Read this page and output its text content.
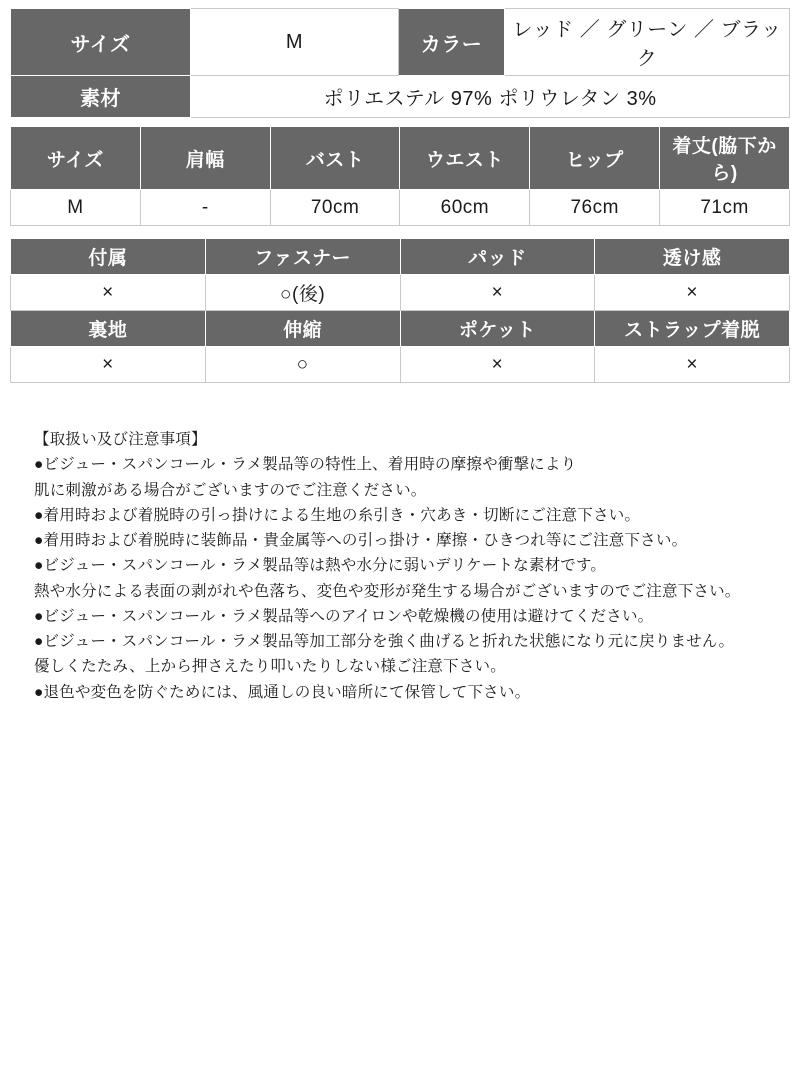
サイズ	M	カラー	レッド ／ グリーン ／ ブラック
素材	ポリエステル 97% ポリウレタン 3%		
サイズ	肩幅	バスト	ウエスト	ヒップ	着丈(脇下から)
M	-	70cm	60cm	76cm	71cm
付属	ファスナー	パッド	透け感
×	○(後)	×	×
裏地	伸縮	ポケット	ストラップ着脱
×	○	×	×
【取扱い及び注意事項】
●ビジュー・スパンコール・ラメ製品等の特性上、着用時の摩擦や衝撃により
肌に刺激がある場合がございますのでご注意ください。
●着用時および着脱時の引っ掛けによる生地の糸引き・穴あき・切断にご注意下さい。
●着用時および着脱時に装飾品・貴金属等への引っ掛け・摩擦・ひきつれ等にご注意下さい。
●ビジュー・スパンコール・ラメ製品等は熱や水分に弱いデリケートな素材です。
熱や水分による表面の剥がれや色落ち、変色や変形が発生する場合がございますのでご注意下さい。
●ビジュー・スパンコール・ラメ製品等へのアイロンや乾燥機の使用は避けてください。
●ビジュー・スパンコール・ラメ製品等加工部分を強く曲げると折れた状態になり元に戻りません。
優しくたたみ、上から押さえたり叩いたりしない様ご注意下さい。
●退色や変色を防ぐためには、風通しの良い暗所にて保管して下さい。
